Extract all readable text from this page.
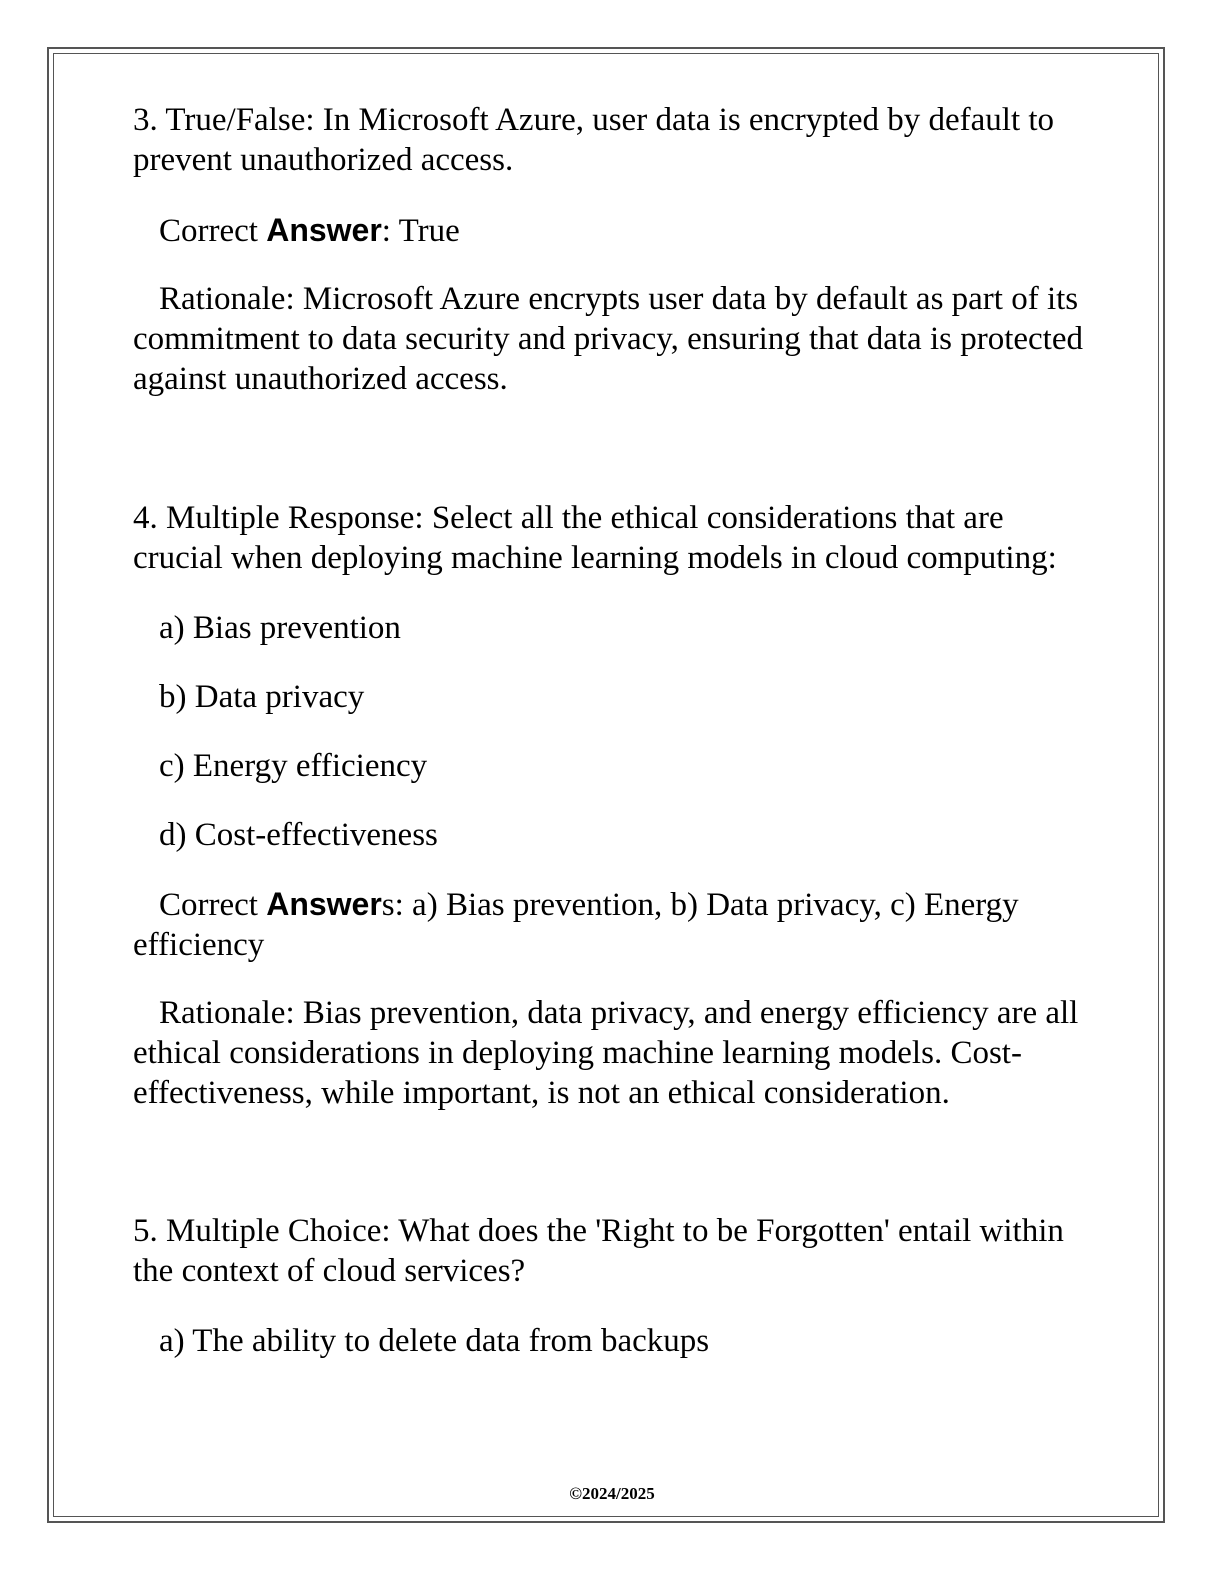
3. True/False: In Microsoft Azure, user data is encrypted by default to prevent unauthorized access.

Correct Answer: True

Rationale: Microsoft Azure encrypts user data by default as part of its commitment to data security and privacy, ensuring that data is protected against unauthorized access.

4. Multiple Response: Select all the ethical considerations that are crucial when deploying machine learning models in cloud computing:

a) Bias prevention

b) Data privacy

c) Energy efficiency

d) Cost-effectiveness

Correct Answers: a) Bias prevention, b) Data privacy, c) Energy efficiency

Rationale: Bias prevention, data privacy, and energy efficiency are all ethical considerations in deploying machine learning models. Cost-effectiveness, while important, is not an ethical consideration.

5. Multiple Choice: What does the 'Right to be Forgotten' entail within the context of cloud services?

a) The ability to delete data from backups

©2024/2025
